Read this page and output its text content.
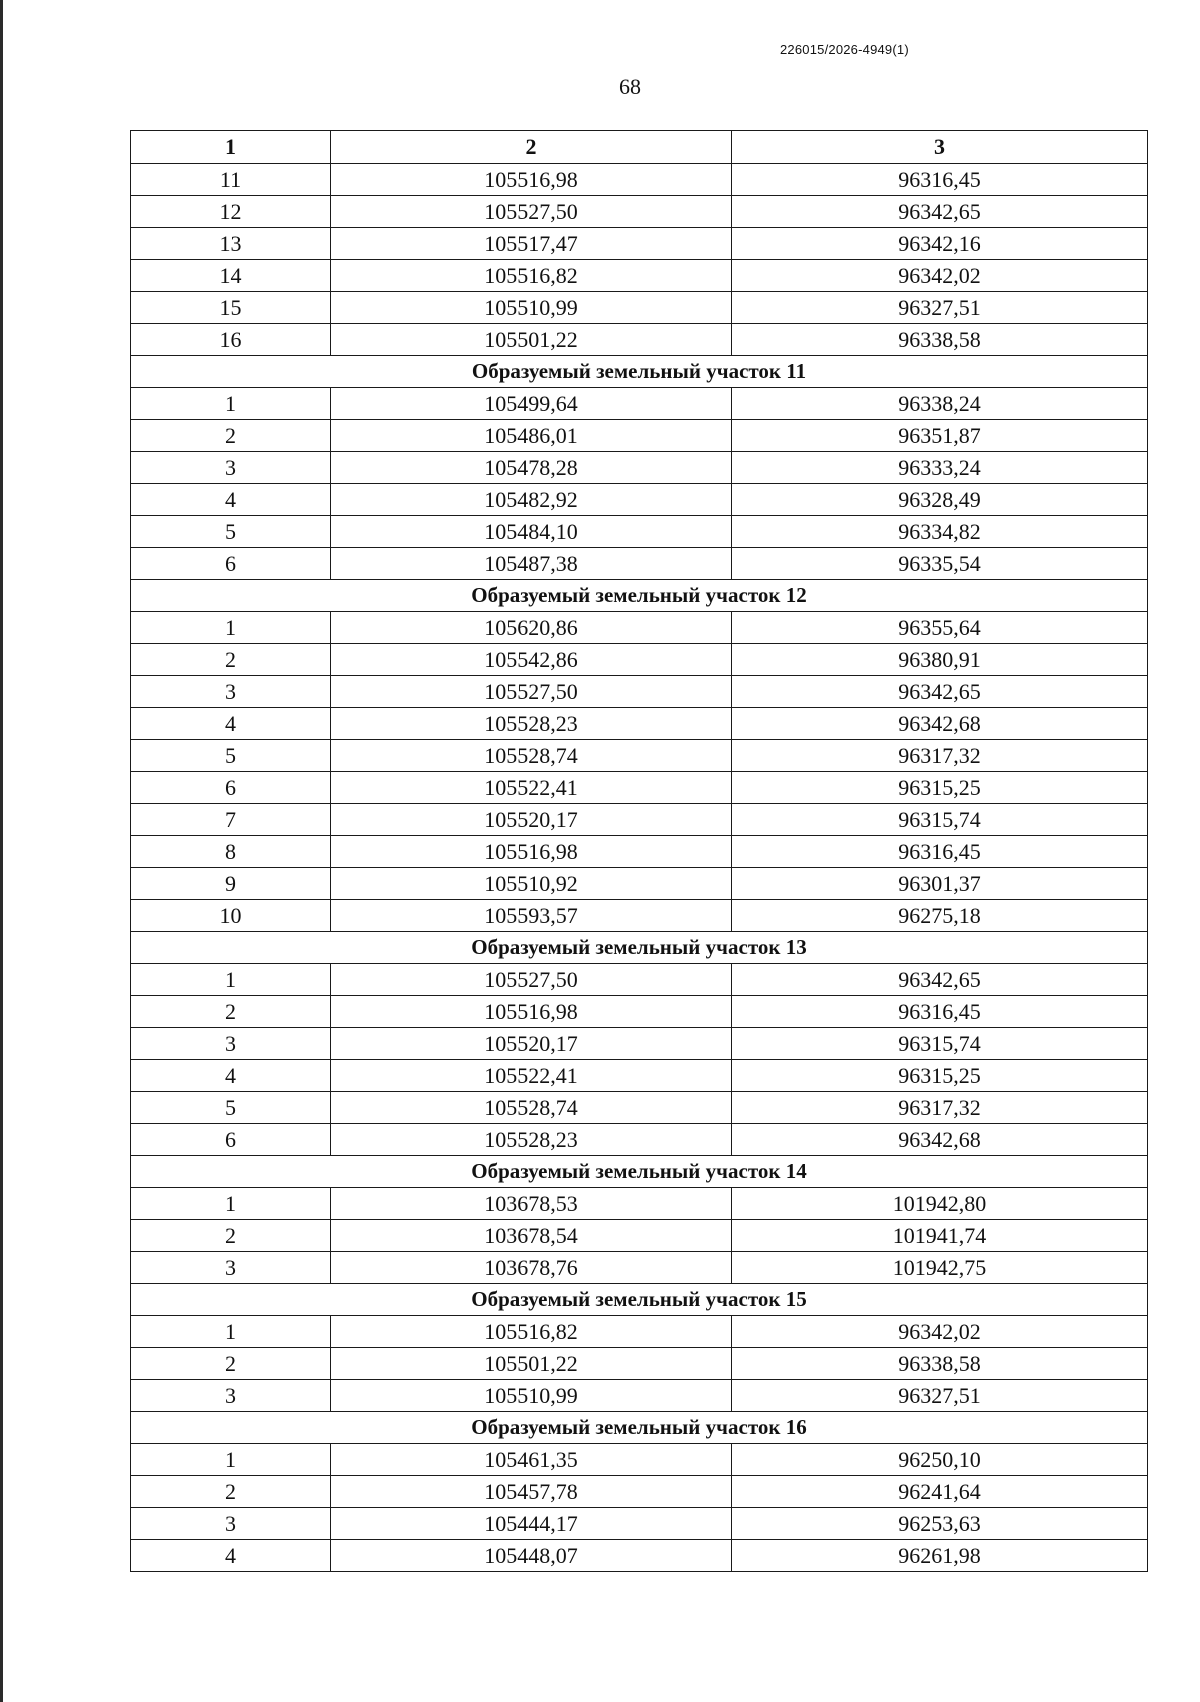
226015/2026-4949(1)
68
1	2	3
11	105516,98	96316,45
12	105527,50	96342,65
13	105517,47	96342,16
14	105516,82	96342,02
15	105510,99	96327,51
16	105501,22	96338,58
Образуемый земельный участок 11		
1	105499,64	96338,24
2	105486,01	96351,87
3	105478,28	96333,24
4	105482,92	96328,49
5	105484,10	96334,82
6	105487,38	96335,54
Образуемый земельный участок 12		
1	105620,86	96355,64
2	105542,86	96380,91
3	105527,50	96342,65
4	105528,23	96342,68
5	105528,74	96317,32
6	105522,41	96315,25
7	105520,17	96315,74
8	105516,98	96316,45
9	105510,92	96301,37
10	105593,57	96275,18
Образуемый земельный участок 13		
1	105527,50	96342,65
2	105516,98	96316,45
3	105520,17	96315,74
4	105522,41	96315,25
5	105528,74	96317,32
6	105528,23	96342,68
Образуемый земельный участок 14		
1	103678,53	101942,80
2	103678,54	101941,74
3	103678,76	101942,75
Образуемый земельный участок 15		
1	105516,82	96342,02
2	105501,22	96338,58
3	105510,99	96327,51
Образуемый земельный участок 16		
1	105461,35	96250,10
2	105457,78	96241,64
3	105444,17	96253,63
4	105448,07	96261,98
